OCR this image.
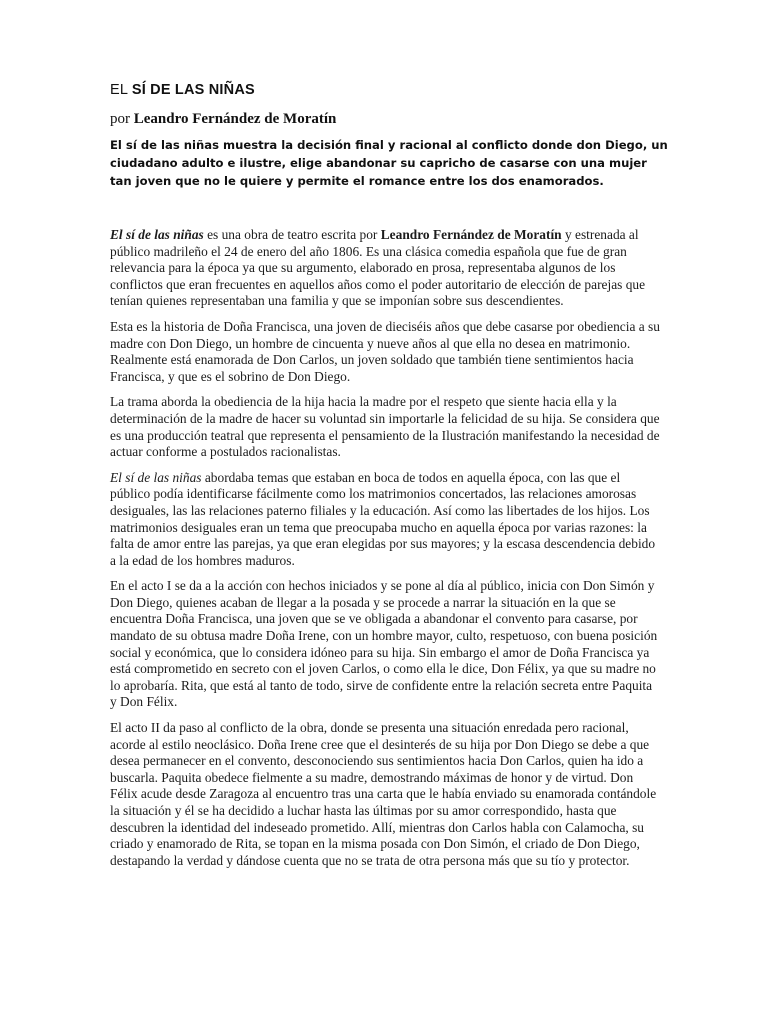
EL SÍ DE LAS NIÑAS
por Leandro Fernández de Moratín
El sí de las niñas muestra la decisión final y racional al conflicto donde don Diego, un ciudadano adulto e ilustre, elige abandonar su capricho de casarse con una mujer tan joven que no le quiere y permite el romance entre los dos enamorados.

El sí de las niñas es una obra de teatro escrita por Leandro Fernández de Moratín y estrenada al público madrileño el 24 de enero del año 1806. Es una clásica comedia española que fue de gran relevancia para la época ya que su argumento, elaborado en prosa, representaba algunos de los conflictos que eran frecuentes en aquellos años como el poder autoritario de elección de parejas que tenían quienes representaban una familia y que se imponían sobre sus descendientes.

Esta es la historia de Doña Francisca, una joven de dieciséis años que debe casarse por obediencia a su madre con Don Diego, un hombre de cincuenta y nueve años al que ella no desea en matrimonio. Realmente está enamorada de Don Carlos, un joven soldado que también tiene sentimientos hacia Francisca, y que es el sobrino de Don Diego.

La trama aborda la obediencia de la hija hacia la madre por el respeto que siente hacia ella y la determinación de la madre de hacer su voluntad sin importarle la felicidad de su hija. Se considera que es una producción teatral que representa el pensamiento de la Ilustración manifestando la necesidad de actuar conforme a postulados racionalistas.

El sí de las niñas abordaba temas que estaban en boca de todos en aquella época, con las que el público podía identificarse fácilmente como los matrimonios concertados, las relaciones amorosas desiguales, las las relaciones paterno filiales y la educación. Así como las libertades de los hijos. Los matrimonios desiguales eran un tema que preocupaba mucho en aquella época por varias razones: la falta de amor entre las parejas, ya que eran elegidas por sus mayores; y la escasa descendencia debido a la edad de los hombres maduros.

En el acto I se da a la acción con hechos iniciados y se pone al día al público, inicia con Don Simón y Don Diego, quienes acaban de llegar a la posada y se procede a narrar la situación en la que se encuentra Doña Francisca, una joven que se ve obligada a abandonar el convento para casarse, por mandato de su obtusa madre Doña Irene, con un hombre mayor, culto, respetuoso, con buena posición social y económica, que lo considera idóneo para su hija. Sin embargo el amor de Doña Francisca ya está comprometido en secreto con el joven Carlos, o como ella le dice, Don Félix, ya que su madre no lo aprobaría. Rita, que está al tanto de todo, sirve de confidente entre la relación secreta entre Paquita y Don Félix.

El acto II da paso al conflicto de la obra, donde se presenta una situación enredada pero racional, acorde al estilo neoclásico. Doña Irene cree que el desinterés de su hija por Don Diego se debe a que desea permanecer en el convento, desconociendo sus sentimientos hacia Don Carlos, quien ha ido a buscarla. Paquita obedece fielmente a su madre, demostrando máximas de honor y de virtud. Don Félix acude desde Zaragoza al encuentro tras una carta que le había enviado su enamorada contándole la situación y él se ha decidido a luchar hasta las últimas por su amor correspondido, hasta que descubren la identidad del indeseado prometido. Allí, mientras don Carlos habla con Calamocha, su criado y enamorado de Rita, se topan en la misma posada con Don Simón, el criado de Don Diego, destapando la verdad y dándose cuenta que no se trata de otra persona más que su tío y protector.
